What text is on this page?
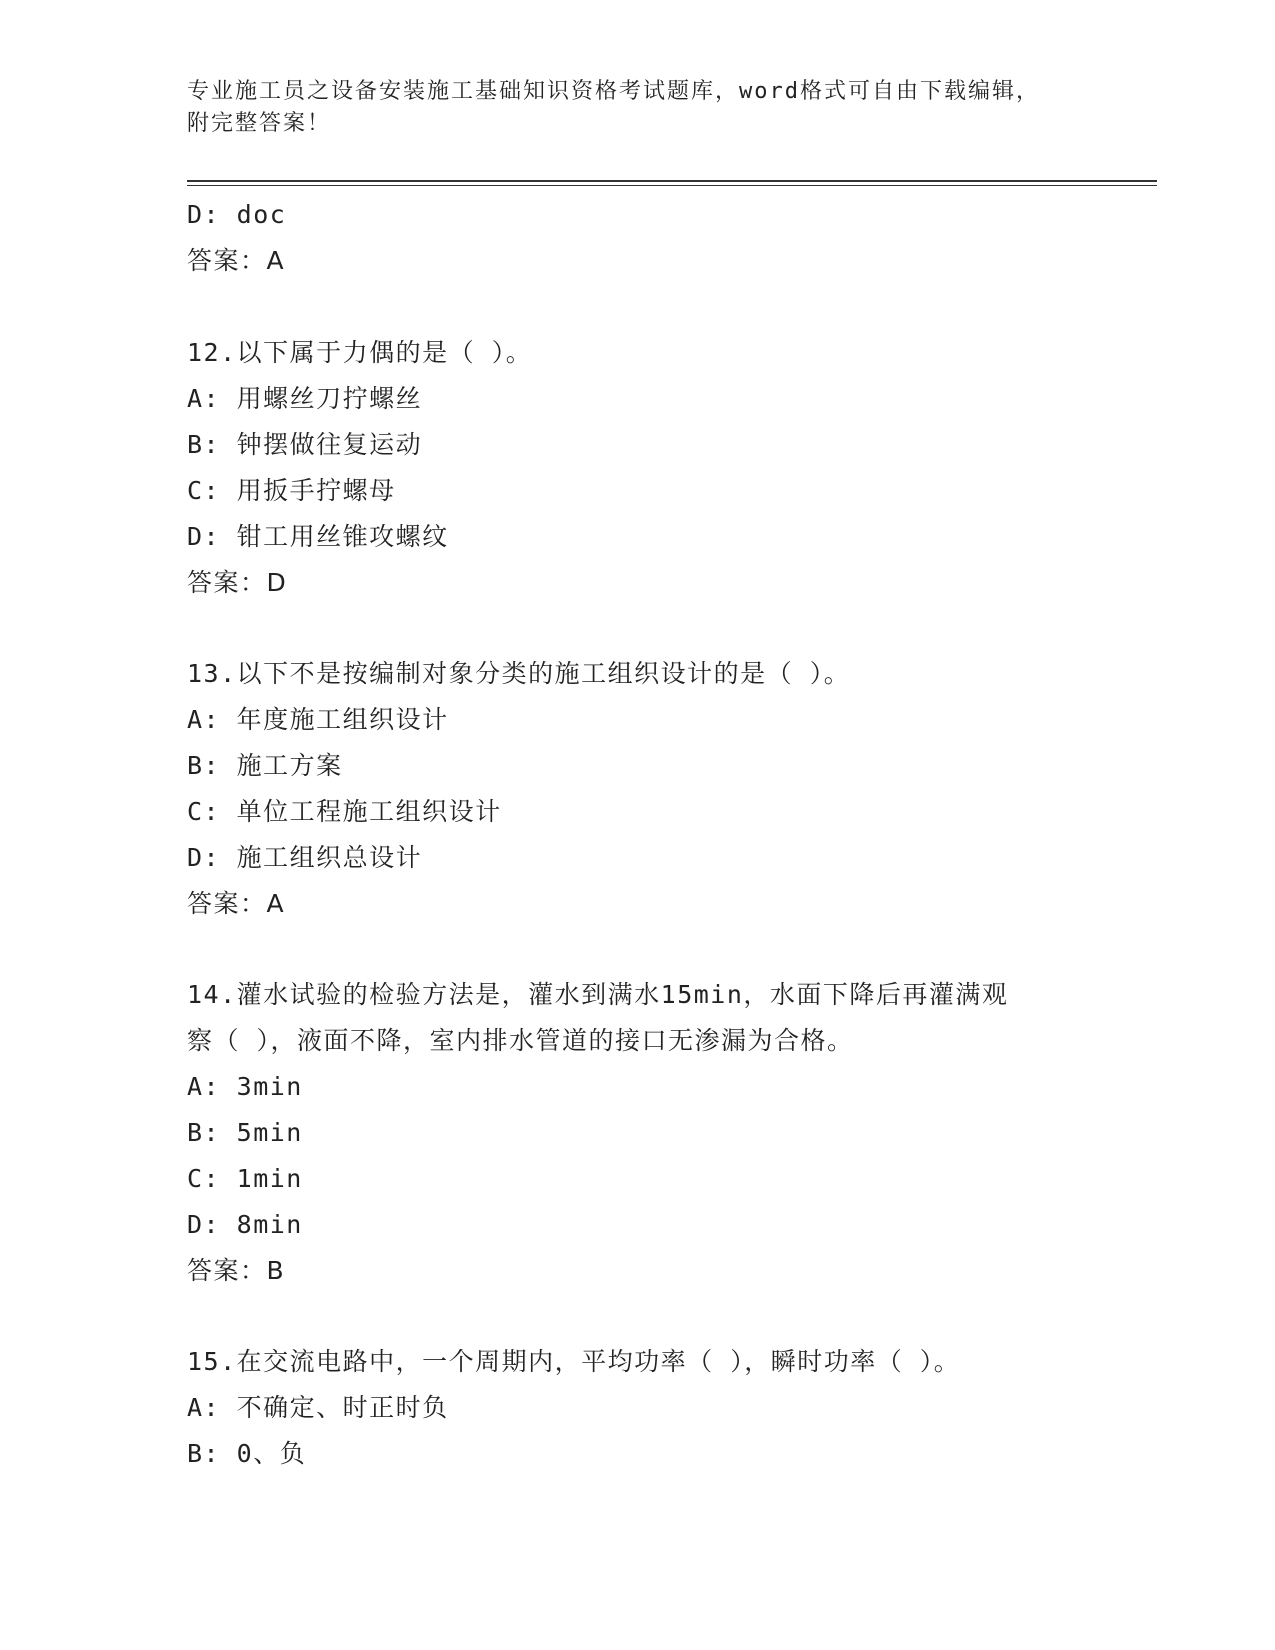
专业施工员之设备安装施工基础知识资格考试题库，word格式可自由下载编辑，
附完整答案！
D: doc
答案：A
12.以下属于力偶的是（ ）。
A: 用螺丝刀拧螺丝
B: 钟摆做往复运动
C: 用扳手拧螺母
D: 钳工用丝锥攻螺纹
答案：D
13.以下不是按编制对象分类的施工组织设计的是（ ）。
A: 年度施工组织设计
B: 施工方案
C: 单位工程施工组织设计
D: 施工组织总设计
答案：A
14.灌水试验的检验方法是，灌水到满水15min，水面下降后再灌满观
察（ ），液面不降，室内排水管道的接口无渗漏为合格。
A: 3min
B: 5min
C: 1min
D: 8min
答案：B
15.在交流电路中，一个周期内，平均功率（ ），瞬时功率（ ）。
A: 不确定、时正时负
B: 0、负
